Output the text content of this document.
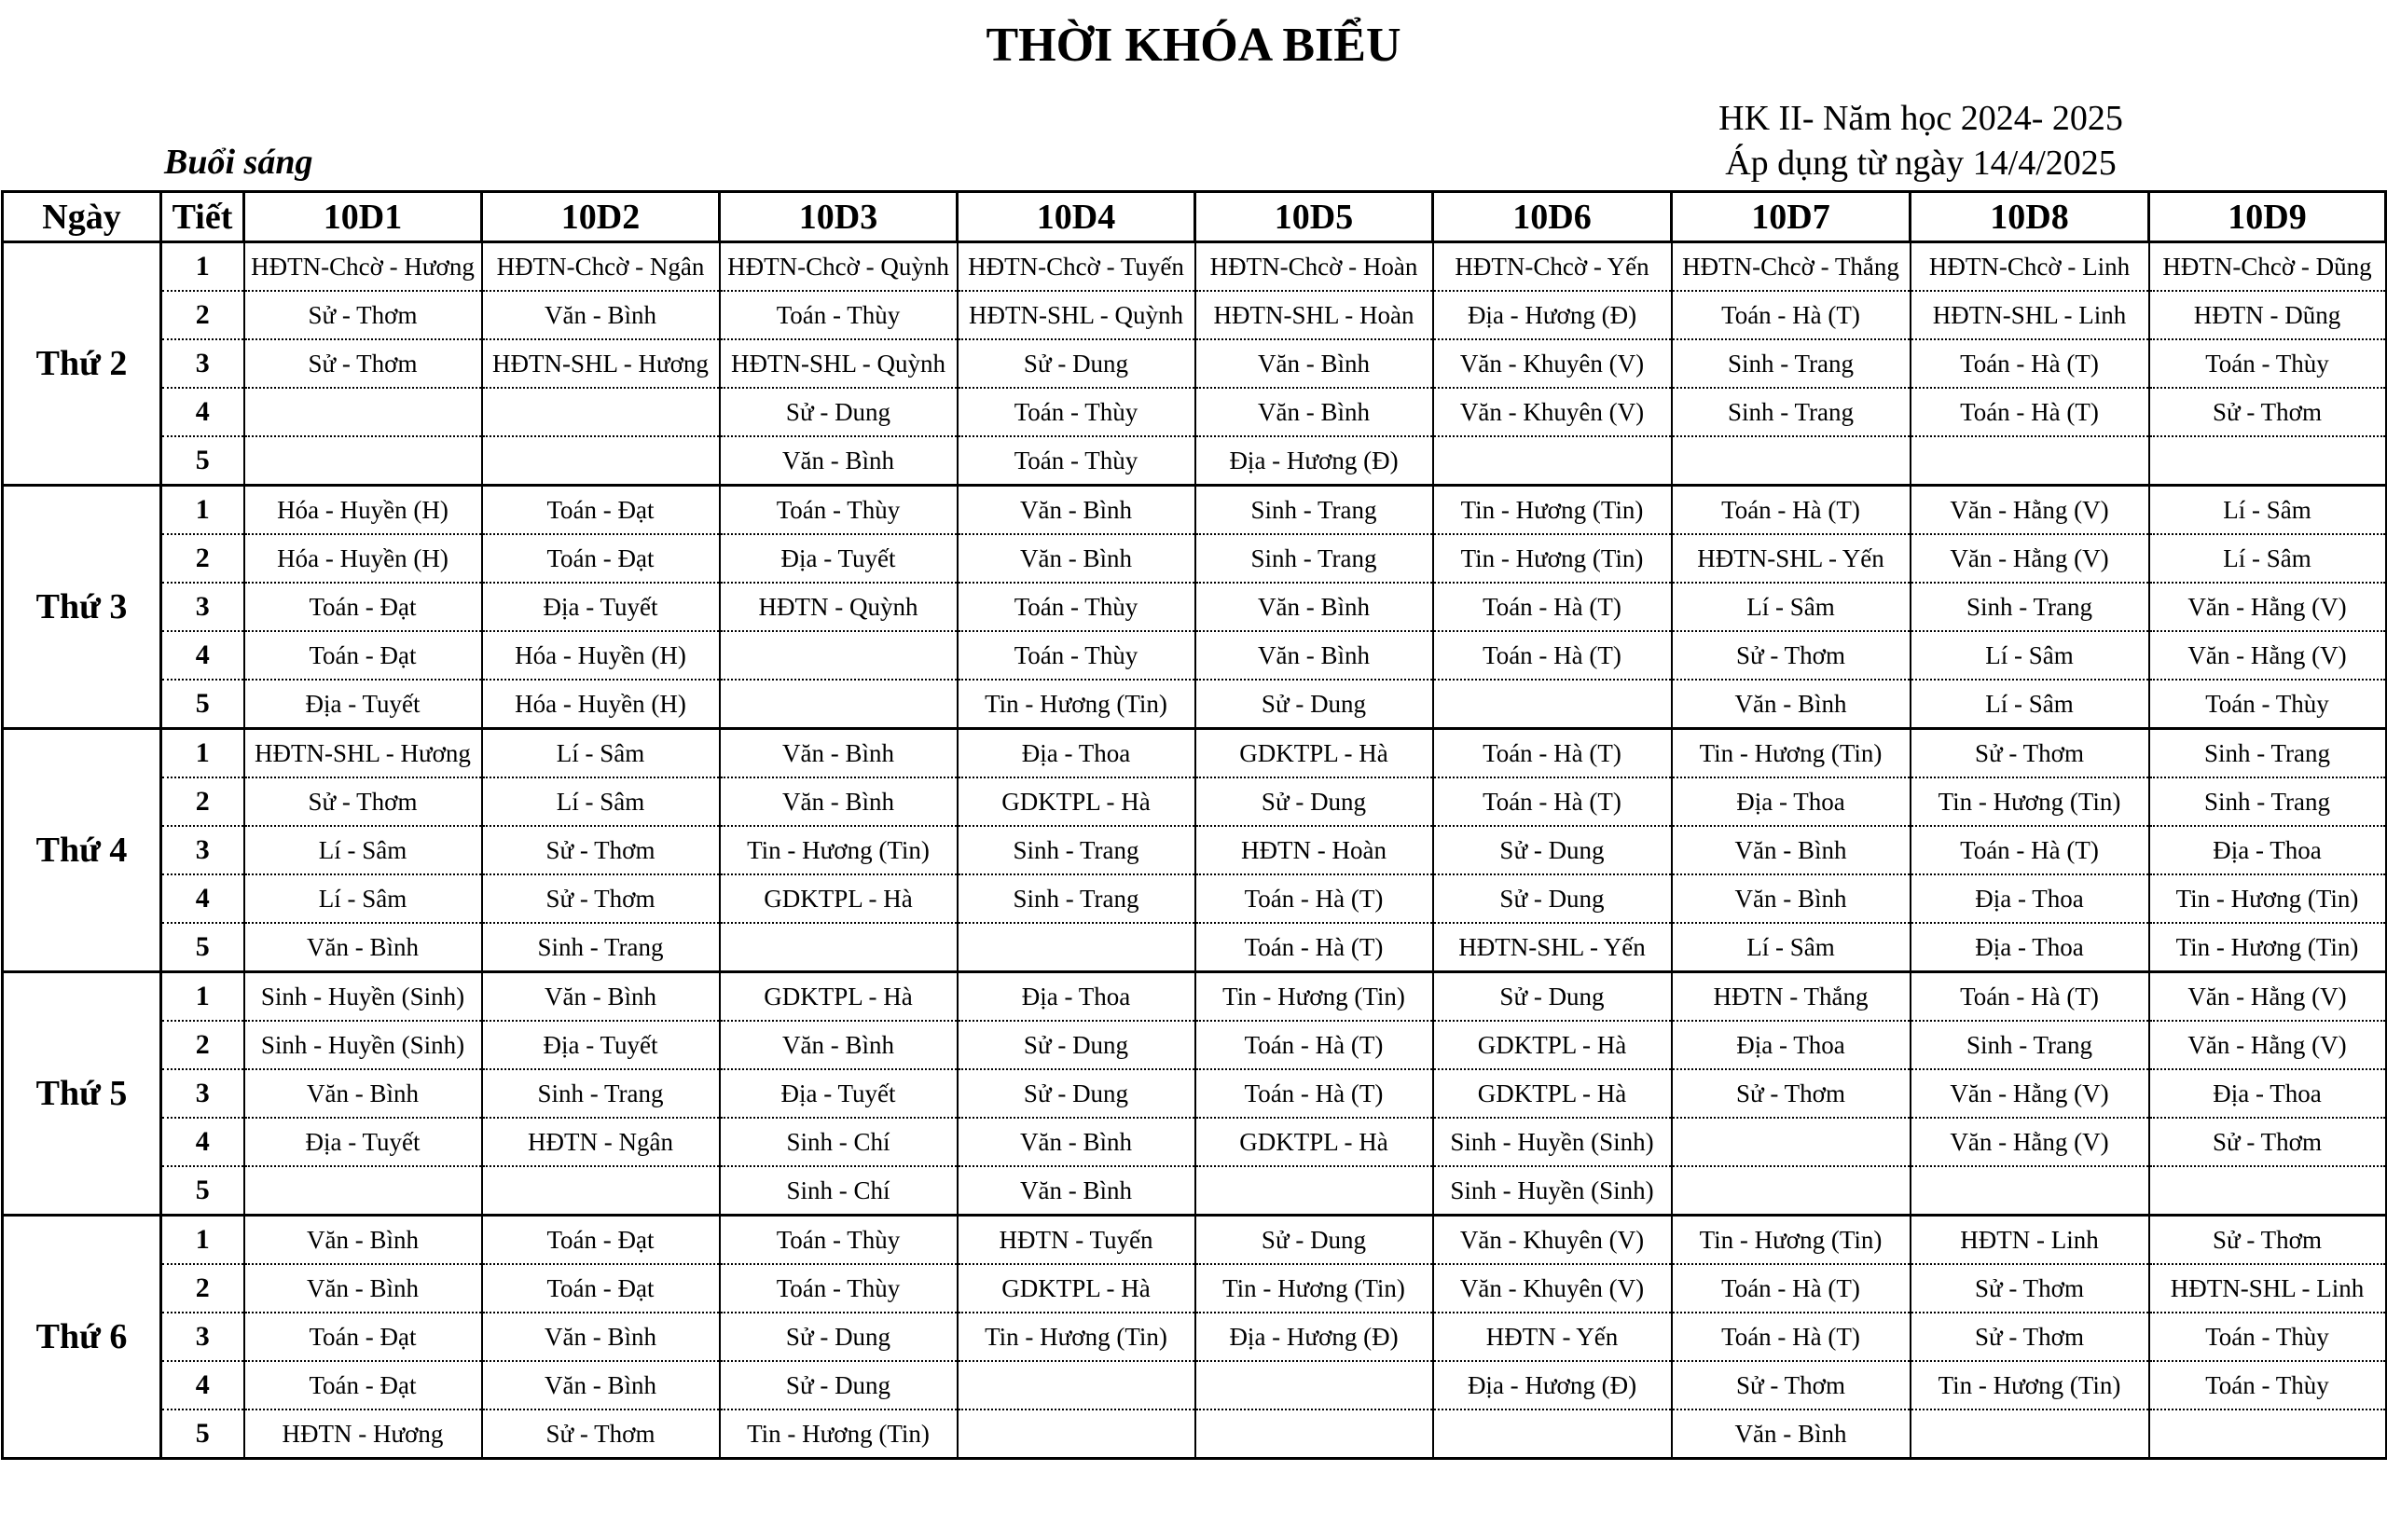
THỜI KHÓA BIỂU
HK II- Năm học 2024- 2025
Áp dụng từ ngày 14/4/2025
Buổi sáng
Ngày	Tiết	10D1	10D2	10D3	10D4	10D5	10D6	10D7	10D8	10D9
Thứ 2	1	HĐTN-Chcờ - Hương	HĐTN-Chcờ - Ngân	HĐTN-Chcờ - Quỳnh	HĐTN-Chcờ - Tuyến	HĐTN-Chcờ - Hoàn	HĐTN-Chcờ - Yến	HĐTN-Chcờ - Thắng	HĐTN-Chcờ - Linh	HĐTN-Chcờ - Dũng
	2	Sử - Thơm	Văn - Bình	Toán - Thùy	HĐTN-SHL - Quỳnh	HĐTN-SHL - Hoàn	Địa - Hương (Đ)	Toán - Hà (T)	HĐTN-SHL - Linh	HĐTN - Dũng
	3	Sử - Thơm	HĐTN-SHL - Hương	HĐTN-SHL - Quỳnh	Sử - Dung	Văn - Bình	Văn - Khuyên (V)	Sinh - Trang	Toán - Hà (T)	Toán - Thùy
	4			Sử - Dung	Toán - Thùy	Văn - Bình	Văn - Khuyên (V)	Sinh - Trang	Toán - Hà (T)	Sử - Thơm
	5			Văn - Bình	Toán - Thùy	Địa - Hương (Đ)				
Thứ 3	1	Hóa - Huyền (H)	Toán - Đạt	Toán - Thùy	Văn - Bình	Sinh - Trang	Tin - Hương (Tin)	Toán - Hà (T)	Văn - Hằng (V)	Lí - Sâm
	2	Hóa - Huyền (H)	Toán - Đạt	Địa - Tuyết	Văn - Bình	Sinh - Trang	Tin - Hương (Tin)	HĐTN-SHL - Yến	Văn - Hằng (V)	Lí - Sâm
	3	Toán - Đạt	Địa - Tuyết	HĐTN - Quỳnh	Toán - Thùy	Văn - Bình	Toán - Hà (T)	Lí - Sâm	Sinh - Trang	Văn - Hằng (V)
	4	Toán - Đạt	Hóa - Huyền (H)		Toán - Thùy	Văn - Bình	Toán - Hà (T)	Sử - Thơm	Lí - Sâm	Văn - Hằng (V)
	5	Địa - Tuyết	Hóa - Huyền (H)		Tin - Hương (Tin)	Sử - Dung		Văn - Bình	Lí - Sâm	Toán - Thùy
Thứ 4	1	HĐTN-SHL - Hương	Lí - Sâm	Văn - Bình	Địa - Thoa	GDKTPL - Hà	Toán - Hà (T)	Tin - Hương (Tin)	Sử - Thơm	Sinh - Trang
	2	Sử - Thơm	Lí - Sâm	Văn - Bình	GDKTPL - Hà	Sử - Dung	Toán - Hà (T)	Địa - Thoa	Tin - Hương (Tin)	Sinh - Trang
	3	Lí - Sâm	Sử - Thơm	Tin - Hương (Tin)	Sinh - Trang	HĐTN - Hoàn	Sử - Dung	Văn - Bình	Toán - Hà (T)	Địa - Thoa
	4	Lí - Sâm	Sử - Thơm	GDKTPL - Hà	Sinh - Trang	Toán - Hà (T)	Sử - Dung	Văn - Bình	Địa - Thoa	Tin - Hương (Tin)
	5	Văn - Bình	Sinh - Trang			Toán - Hà (T)	HĐTN-SHL - Yến	Lí - Sâm	Địa - Thoa	Tin - Hương (Tin)
Thứ 5	1	Sinh - Huyền (Sinh)	Văn - Bình	GDKTPL - Hà	Địa - Thoa	Tin - Hương (Tin)	Sử - Dung	HĐTN - Thắng	Toán - Hà (T)	Văn - Hằng (V)
	2	Sinh - Huyền (Sinh)	Địa - Tuyết	Văn - Bình	Sử - Dung	Toán - Hà (T)	GDKTPL - Hà	Địa - Thoa	Sinh - Trang	Văn - Hằng (V)
	3	Văn - Bình	Sinh - Trang	Địa - Tuyết	Sử - Dung	Toán - Hà (T)	GDKTPL - Hà	Sử - Thơm	Văn - Hằng (V)	Địa - Thoa
	4	Địa - Tuyết	HĐTN - Ngân	Sinh - Chí	Văn - Bình	GDKTPL - Hà	Sinh - Huyền (Sinh)		Văn - Hằng (V)	Sử - Thơm
	5			Sinh - Chí	Văn - Bình		Sinh - Huyền (Sinh)			
Thứ 6	1	Văn - Bình	Toán - Đạt	Toán - Thùy	HĐTN - Tuyến	Sử - Dung	Văn - Khuyên (V)	Tin - Hương (Tin)	HĐTN - Linh	Sử - Thơm
	2	Văn - Bình	Toán - Đạt	Toán - Thùy	GDKTPL - Hà	Tin - Hương (Tin)	Văn - Khuyên (V)	Toán - Hà (T)	Sử - Thơm	HĐTN-SHL - Linh
	3	Toán - Đạt	Văn - Bình	Sử - Dung	Tin - Hương (Tin)	Địa - Hương (Đ)	HĐTN - Yến	Toán - Hà (T)	Sử - Thơm	Toán - Thùy
	4	Toán - Đạt	Văn - Bình	Sử - Dung			Địa - Hương (Đ)	Sử - Thơm	Tin - Hương (Tin)	Toán - Thùy
	5	HĐTN - Hương	Sử - Thơm	Tin - Hương (Tin)				Văn - Bình		
